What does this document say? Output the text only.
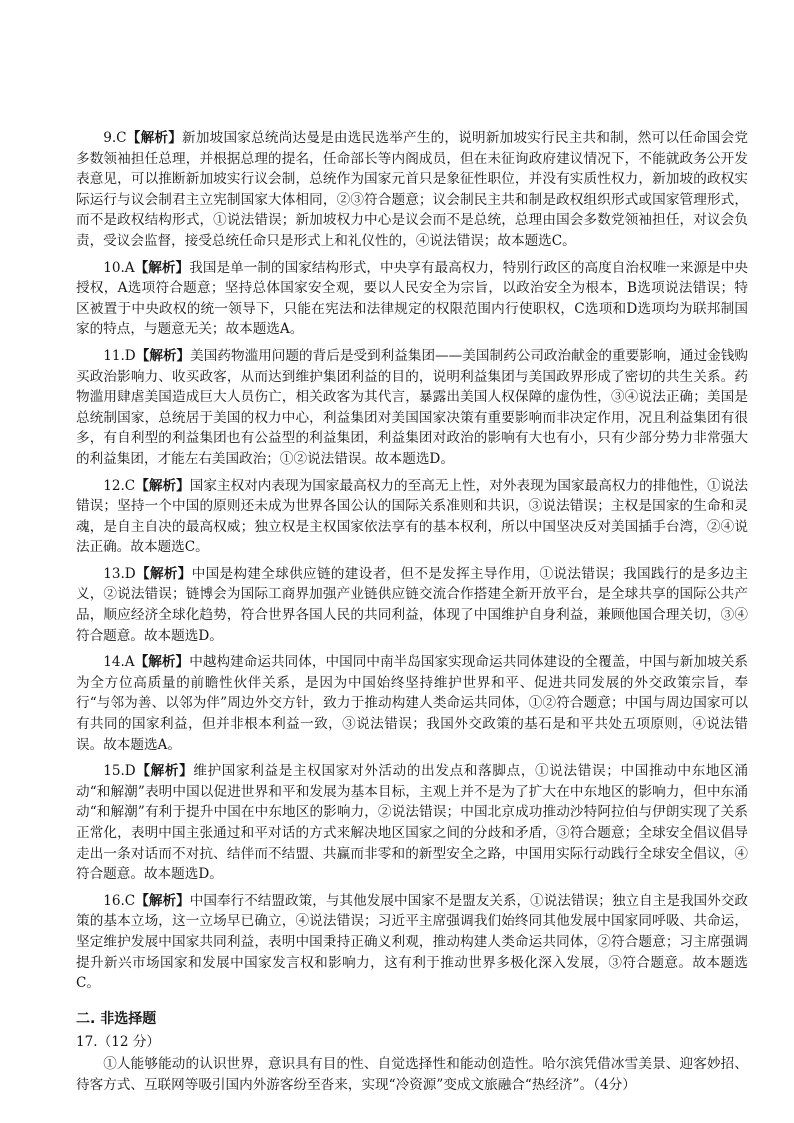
9.C【解析】新加坡国家总统尚达曼是由选民选举产生的，说明新加坡实行民主共和制，然可以任命国会党多数领袖担任总理，并根据总理的提名，任命部长等内阁成员，但在未征询政府建议情况下，不能就政务公开发表意见，可以推断新加坡实行议会制，总统作为国家元首只是象征性职位，并没有实质性权力，新加坡的政权实际运行与议会制君主立宪制国家大体相同，②③符合题意；议会制民主共和制是政权组织形式或国家管理形式，而不是政权结构形式，①说法错误；新加坡权力中心是议会而不是总统，总理由国会多数党领袖担任，对议会负责，受议会监督，接受总统任命只是形式上和礼仪性的，④说法错误；故本题选C。

10.A【解析】我国是单一制的国家结构形式，中央享有最高权力，特别行政区的高度自治权唯一来源是中央授权，A选项符合题意；坚持总体国家安全观，要以人民安全为宗旨，以政治安全为根本，B选项说法错误；特区被置于中央政权的统一领导下，只能在宪法和法律规定的权限范围内行使职权，C选项和D选项均为联邦制国家的特点，与题意无关；故本题选A。

11.D【解析】美国药物滥用问题的背后是受到利益集团——美国制药公司政治献金的重要影响，通过金钱购买政治影响力、收买政客，从而达到维护集团利益的目的，说明利益集团与美国政界形成了密切的共生关系。药物滥用肆虐美国造成巨大人员伤亡，相关政客为其代言，暴露出美国人权保障的虚伪性，③④说法正确；美国是总统制国家，总统居于美国的权力中心，利益集团对美国国家决策有重要影响而非决定作用，况且利益集团有很多，有自利型的利益集团也有公益型的利益集团，利益集团对政治的影响有大也有小，只有少部分势力非常强大的利益集团，才能左右美国政治；①②说法错误。故本题选D。

12.C【解析】国家主权对内表现为国家最高权力的至高无上性，对外表现为国家最高权力的排他性，①说法错误；坚持一个中国的原则还未成为世界各国公认的国际关系准则和共识，③说法错误；主权是国家的生命和灵魂，是自主自决的最高权威；独立权是主权国家依法享有的基本权利，所以中国坚决反对美国插手台湾，②④说法正确。故本题选C。

13.D【解析】中国是构建全球供应链的建设者，但不是发挥主导作用，①说法错误；我国践行的是多边主义，②说法错误；链博会为国际工商界加强产业链供应链交流合作搭建全新开放平台，是全球共享的国际公共产品，顺应经济全球化趋势，符合世界各国人民的共同利益，体现了中国维护自身利益，兼顾他国合理关切，③④符合题意。故本题选D。

14.A【解析】中越构建命运共同体，中国同中南半岛国家实现命运共同体建设的全覆盖，中国与新加坡关系为全方位高质量的前瞻性伙伴关系，是因为中国始终坚持维护世界和平、促进共同发展的外交政策宗旨，奉行“与邻为善、以邻为伴”周边外交方针，致力于推动构建人类命运共同体，①②符合题意；中国与周边国家可以有共同的国家利益，但并非根本利益一致，③说法错误；我国外交政策的基石是和平共处五项原则，④说法错误。故本题选A。

15.D【解析】维护国家利益是主权国家对外活动的出发点和落脚点，①说法错误；中国推动中东地区涌动“和解潮”表明中国以促进世界和平和发展为基本目标，主观上并不是为了扩大在中东地区的影响力，但中东涌动“和解潮”有利于提升中国在中东地区的影响力，②说法错误；中国北京成功推动沙特阿拉伯与伊朗实现了关系正常化，表明中国主张通过和平对话的方式来解决地区国家之间的分歧和矛盾，③符合题意；全球安全倡议倡导走出一条对话而不对抗、结伴而不结盟、共赢而非零和的新型安全之路，中国用实际行动践行全球安全倡议，④符合题意。故本题选D。

16.C【解析】中国奉行不结盟政策，与其他发展中国家不是盟友关系，①说法错误；独立自主是我国外交政策的基本立场，这一立场早已确立，④说法错误；习近平主席强调我们始终同其他发展中国家同呼吸、共命运，坚定维护发展中国家共同利益，表明中国秉持正确义利观，推动构建人类命运共同体，②符合题意；习主席强调提升新兴市场国家和发展中国家发言权和影响力，这有利于推动世界多极化深入发展，③符合题意。故本题选C。

二. 非选择题
17.（12 分）

①人能够能动的认识世界，意识具有目的性、自觉选择性和能动创造性。哈尔滨凭借冰雪美景、迎客妙招、待客方式、互联网等吸引国内外游客纷至沓来，实现“冷资源”变成文旅融合“热经济”。（4分）
